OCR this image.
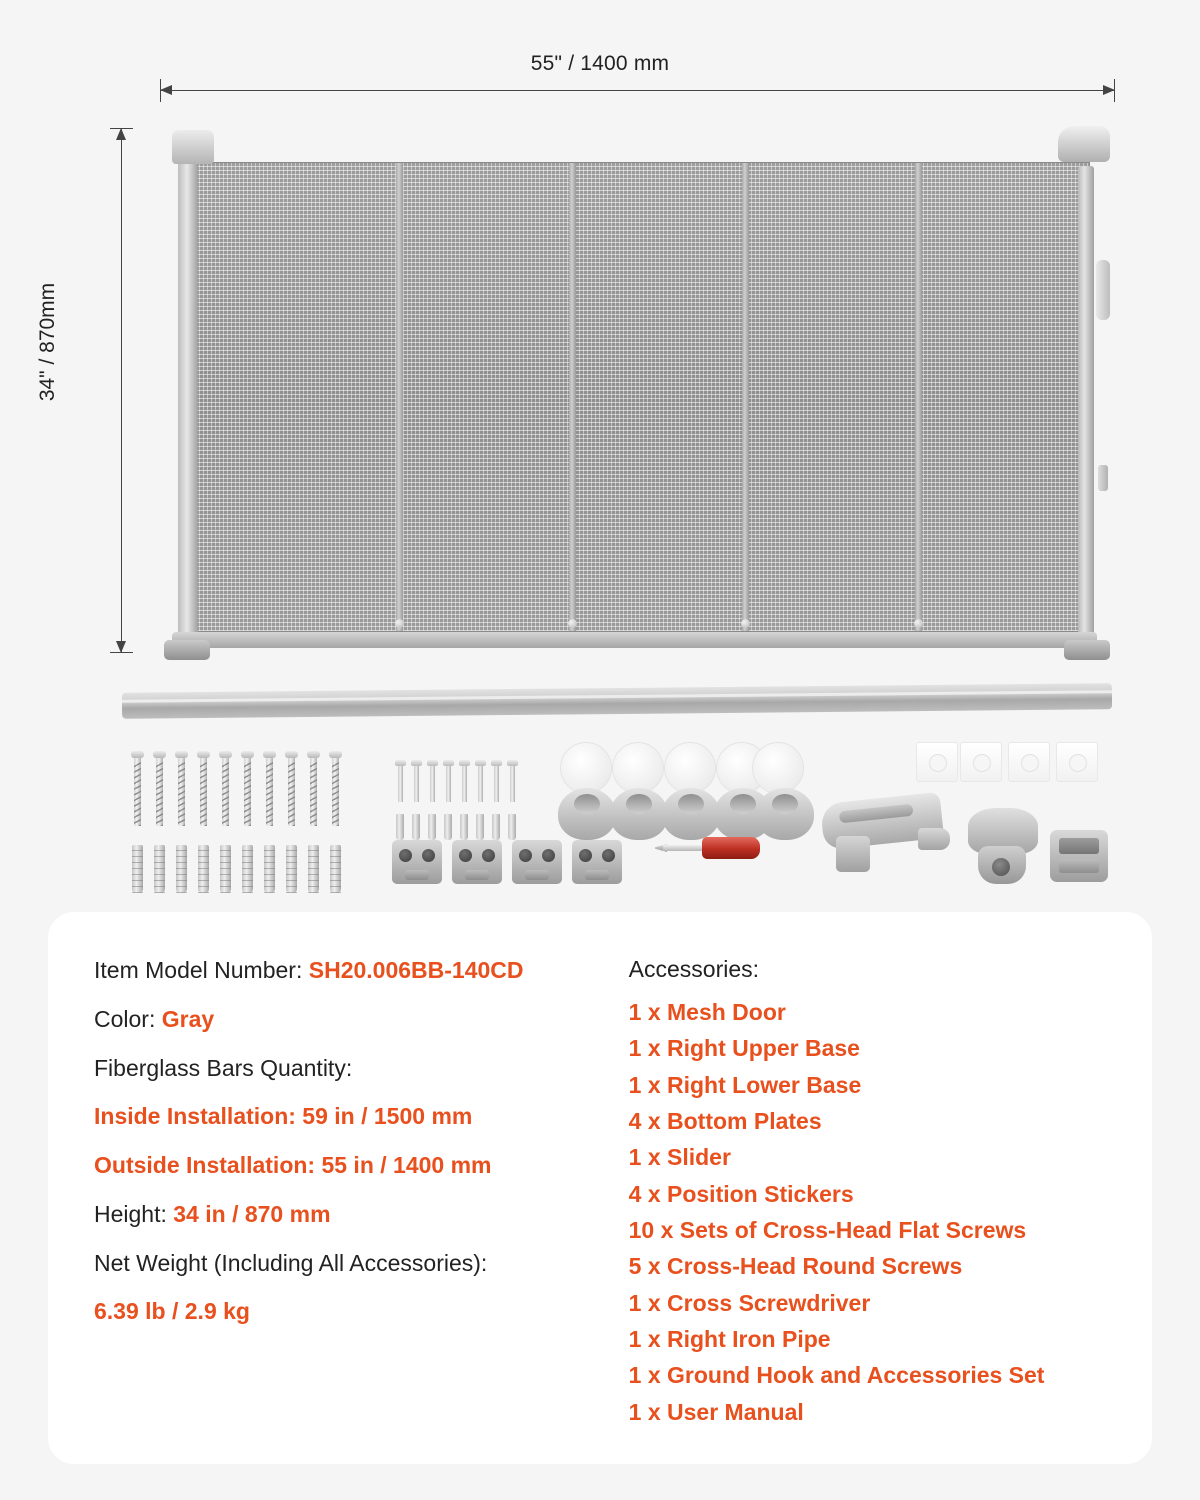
55" / 1400 mm
34" / 870mm
Item Model Number: SH20.006BB-140CD
Color: Gray
Fiberglass Bars Quantity:
Inside Installation: 59 in / 1500 mm
Outside Installation: 55 in / 1400 mm
Height: 34 in / 870 mm
Net Weight (Including All Accessories):
6.39 lb / 2.9 kg
Accessories:
1 x Mesh Door
1 x Right Upper Base
1 x Right Lower Base
4 x Bottom Plates
1 x Slider
4 x Position Stickers
10 x Sets of Cross-Head Flat Screws
5 x Cross-Head Round Screws
1 x Cross Screwdriver
1 x Right Iron Pipe
1 x Ground Hook and Accessories Set
1 x User Manual
